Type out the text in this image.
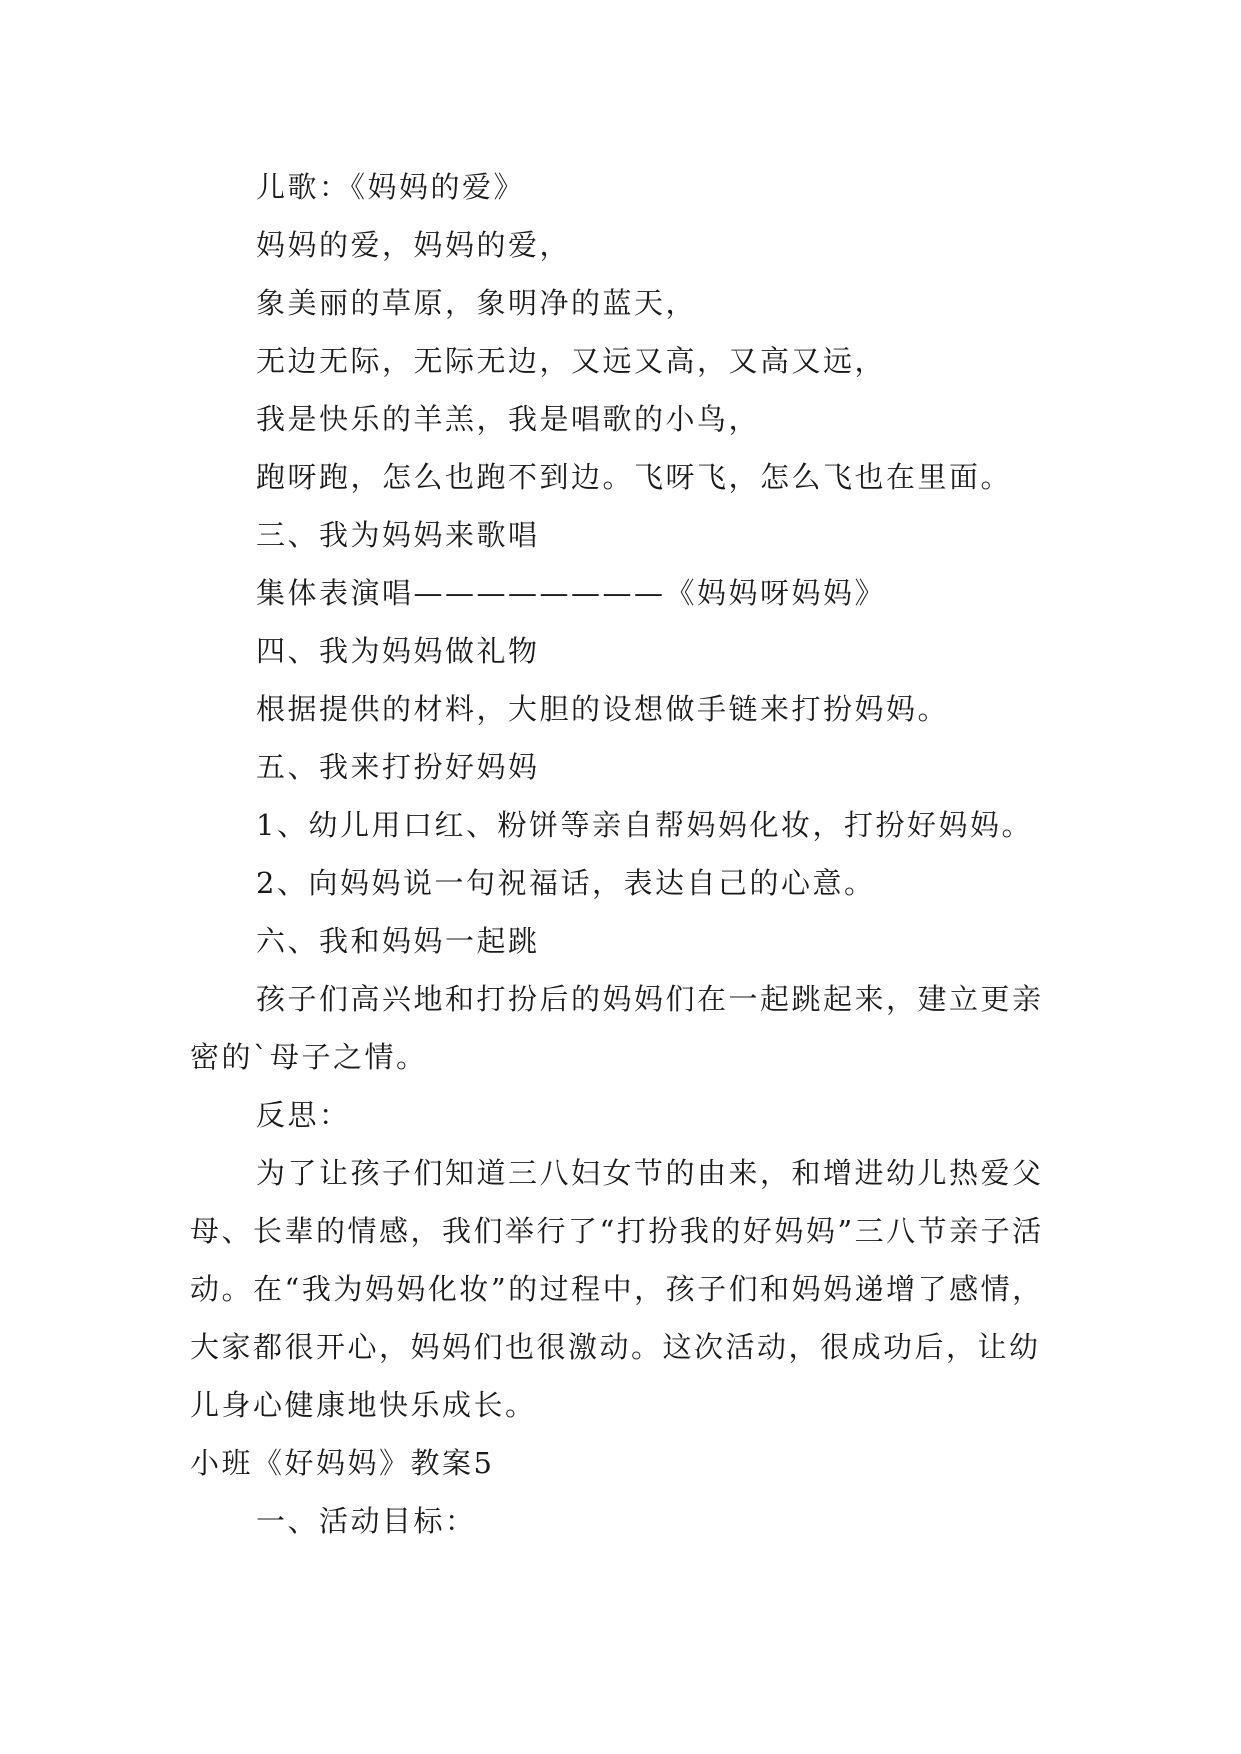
儿歌：《妈妈的爱》
妈妈的爱，妈妈的爱，
象美丽的草原，象明净的蓝天，
无边无际，无际无边，又远又高，又高又远，
我是快乐的羊羔，我是唱歌的小鸟，
跑呀跑，怎么也跑不到边。飞呀飞，怎么飞也在里面。
三、我为妈妈来歌唱
集体表演唱————————《妈妈呀妈妈》
四、我为妈妈做礼物
根据提供的材料，大胆的设想做手链来打扮妈妈。
五、我来打扮好妈妈
1、幼儿用口红、粉饼等亲自帮妈妈化妆，打扮好妈妈。
2、向妈妈说一句祝福话，表达自己的心意。
六、我和妈妈一起跳
孩子们高兴地和打扮后的妈妈们在一起跳起来，建立更亲密的`母子之情。
反思：
为了让孩子们知道三八妇女节的由来，和增进幼儿热爱父母、长辈的情感，我们举行了“打扮我的好妈妈”三八节亲子活动。在“我为妈妈化妆”的过程中，孩子们和妈妈递增了感情，大家都很开心，妈妈们也很激动。这次活动，很成功后，让幼儿身心健康地快乐成长。
小班《好妈妈》教案5
一、活动目标：
